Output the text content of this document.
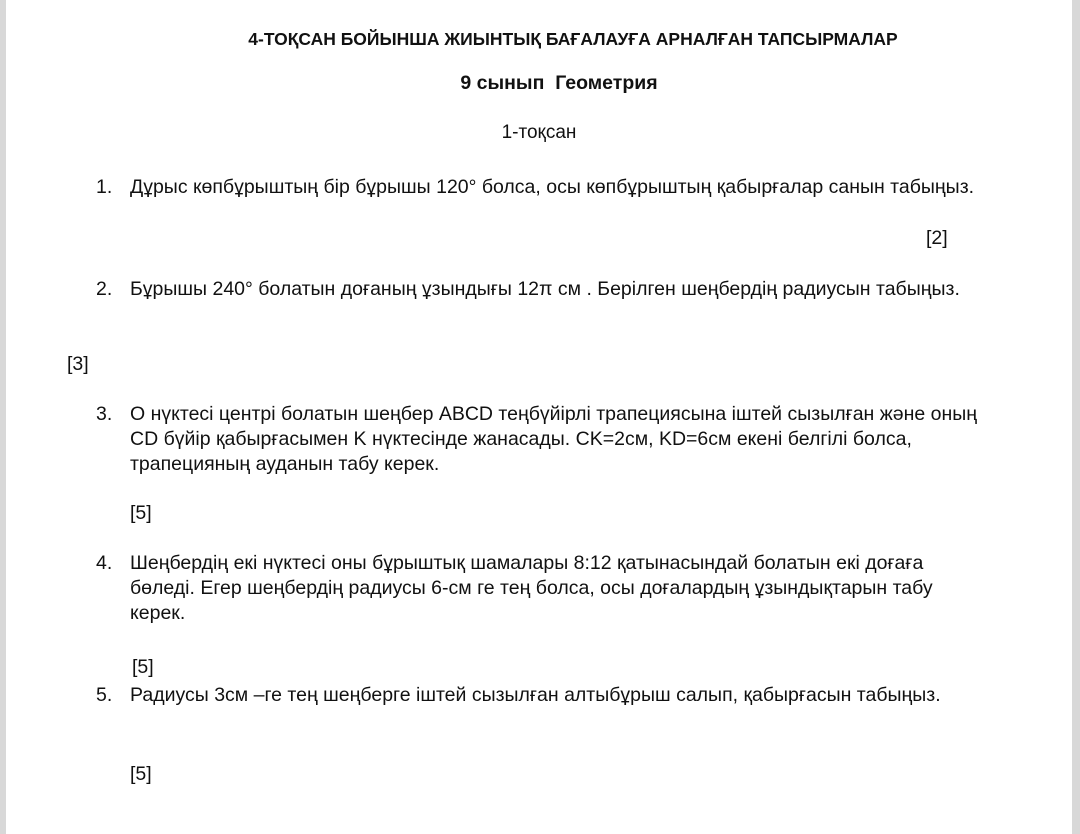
4-ТОҚСАН БОЙЫНША ЖИЫНТЫҚ БАҒАЛАУҒА АРНАЛҒАН ТАПСЫРМАЛАР
9 сынып  Геометрия
1-тоқсан
1. Дұрыс көпбұрыштың бір бұрышы 120° болса, осы көпбұрыштың қабырғалар санын табыңыз.
[2]
2. Бұрышы 240° болатын доғаның ұзындығы 12π см . Берілген шеңбердің радиусын табыңыз.
[3]
3. О нүктесі центрі болатын шеңбер ABCD теңбүйірлі трапециясына іштей сызылған және оның CD бүйір қабырғасымен K нүктесінде жанасады. CK=2см, KD=6см екені белгілі болса, трапецияның ауданын табу керек.
[5]
4. Шеңбердің екі нүктесі оны бұрыштық шамалары 8:12 қатынасындай болатын екі доғаға бөледі. Егер шеңбердің радиусы 6-см ге тең болса, осы доғалардың ұзындықтарын табу керек.
[5]
5. Радиусы 3см –ге тең шеңберге іштей сызылған алтыбұрыш салып, қабырғасын табыңыз.
[5]
